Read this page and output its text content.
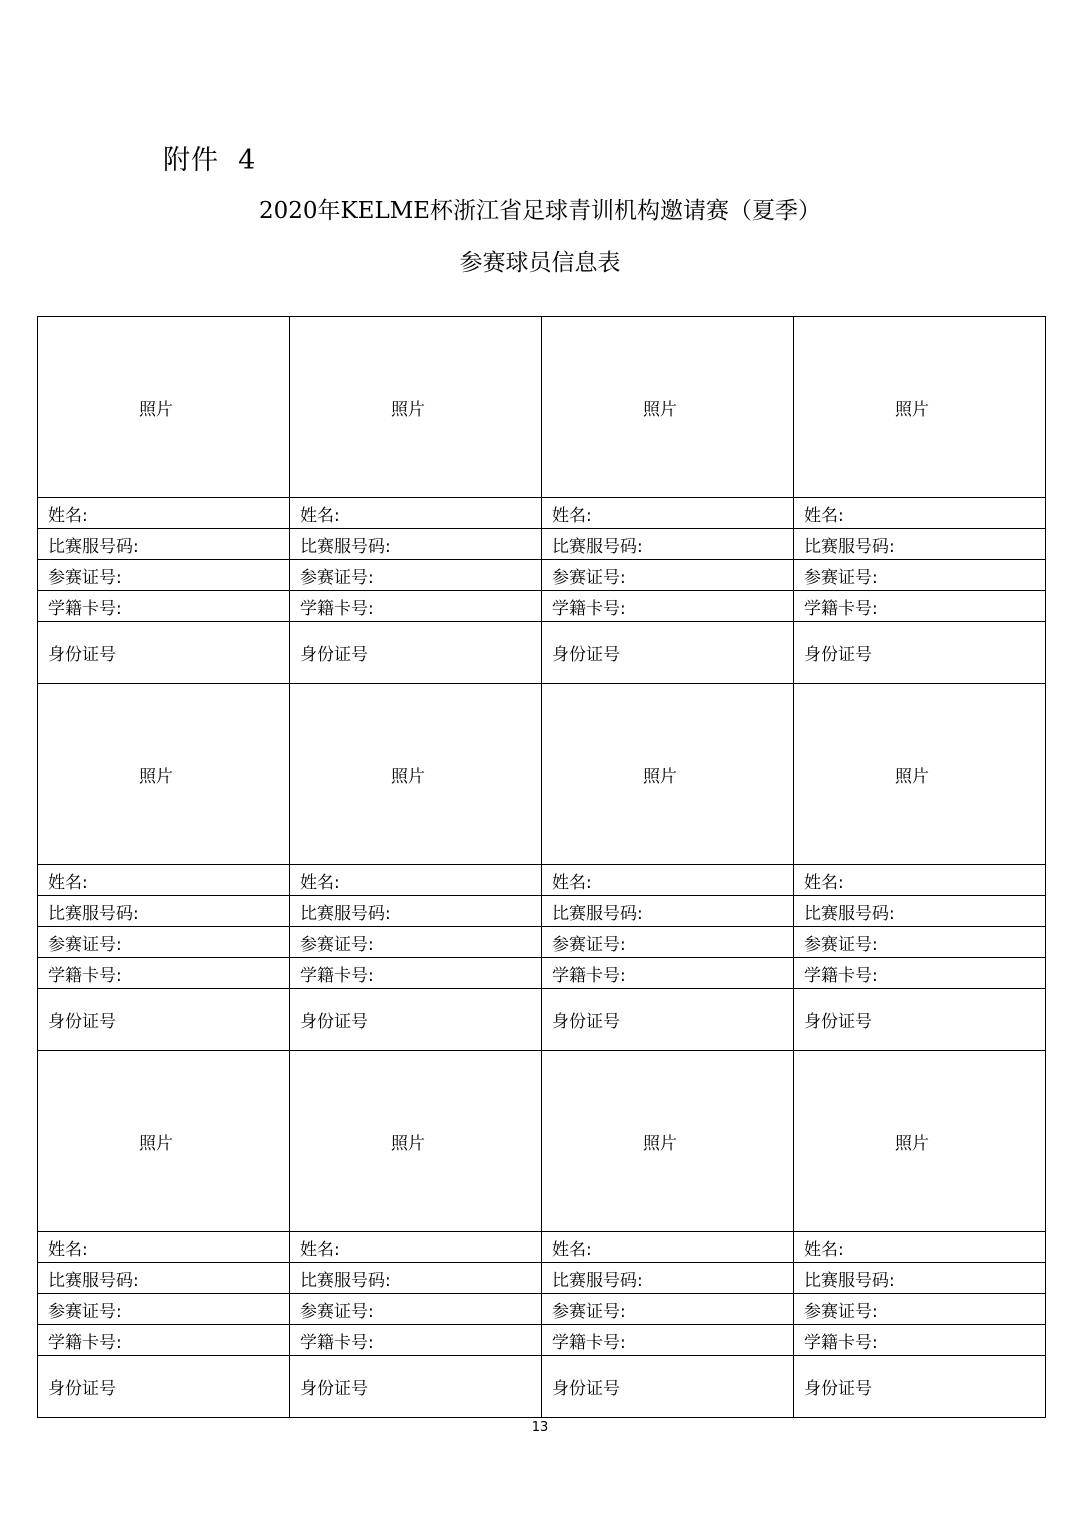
附件  4
2020年KELME杯浙江省足球青训机构邀请赛（夏季）
参赛球员信息表
照片	照片	照片	照片
姓名:	姓名:	姓名:	姓名:
比赛服号码:	比赛服号码:	比赛服号码:	比赛服号码:
参赛证号:	参赛证号:	参赛证号:	参赛证号:
学籍卡号:	学籍卡号:	学籍卡号:	学籍卡号:
身份证号	身份证号	身份证号	身份证号
照片	照片	照片	照片
姓名:	姓名:	姓名:	姓名:
比赛服号码:	比赛服号码:	比赛服号码:	比赛服号码:
参赛证号:	参赛证号:	参赛证号:	参赛证号:
学籍卡号:	学籍卡号:	学籍卡号:	学籍卡号:
身份证号	身份证号	身份证号	身份证号
照片	照片	照片	照片
姓名:	姓名:	姓名:	姓名:
比赛服号码:	比赛服号码:	比赛服号码:	比赛服号码:
参赛证号:	参赛证号:	参赛证号:	参赛证号:
学籍卡号:	学籍卡号:	学籍卡号:	学籍卡号:
身份证号	身份证号	身份证号	身份证号
13
